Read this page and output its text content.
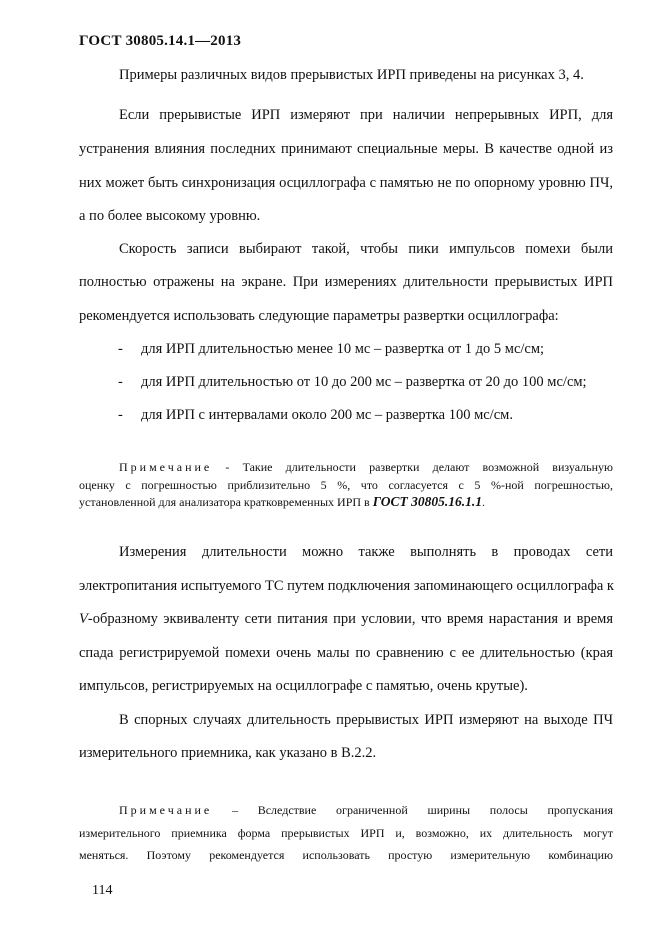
ГОСТ 30805.14.1—2013
Примеры различных видов прерывистых ИРП приведены на рисунках 3, 4.
Если прерывистые ИРП измеряют при наличии непрерывных ИРП, для
устранения влияния последних принимают специальные меры. В качестве одной из
них может быть синхронизация осциллографа с памятью не по опорному уровню ПЧ,
а по более высокому уровню.
Скорость записи выбирают такой, чтобы пики импульсов помехи были
полностью отражены на экране. При измерениях длительности прерывистых ИРП
рекомендуется использовать следующие параметры развертки осциллографа:
- для ИРП длительностью менее 10 мс – развертка от 1 до 5 мс/см;
- для ИРП длительностью от 10 до 200 мс – развертка от 20 до 100 мс/см;
- для ИРП с интервалами около 200 мс – развертка 100 мс/см.
Примечание - Такие длительности развертки делают возможной визуальную
оценку с погрешностью приблизительно 5 %, что согласуется с 5 %-ной погрешностью,
установленной для анализатора кратковременных ИРП в ГОСТ 30805.16.1.1.
Измерения длительности можно также выполнять в проводах сети
электропитания испытуемого ТС путем подключения запоминающего осциллографа к
V-образному эквиваленту сети питания при условии, что время нарастания и время
спада регистрируемой помехи очень малы по сравнению с ее длительностью (края
импульсов, регистрируемых на осциллографе с памятью, очень крутые).
В спорных случаях длительность прерывистых ИРП измеряют на выходе ПЧ
измерительного приемника, как указано в В.2.2.
Примечание – Вследствие ограниченной ширины полосы пропускания
измерительного приемника форма прерывистых ИРП и, возможно, их длительность могут
меняться. Поэтому рекомендуется использовать простую измерительную комбинацию
114
